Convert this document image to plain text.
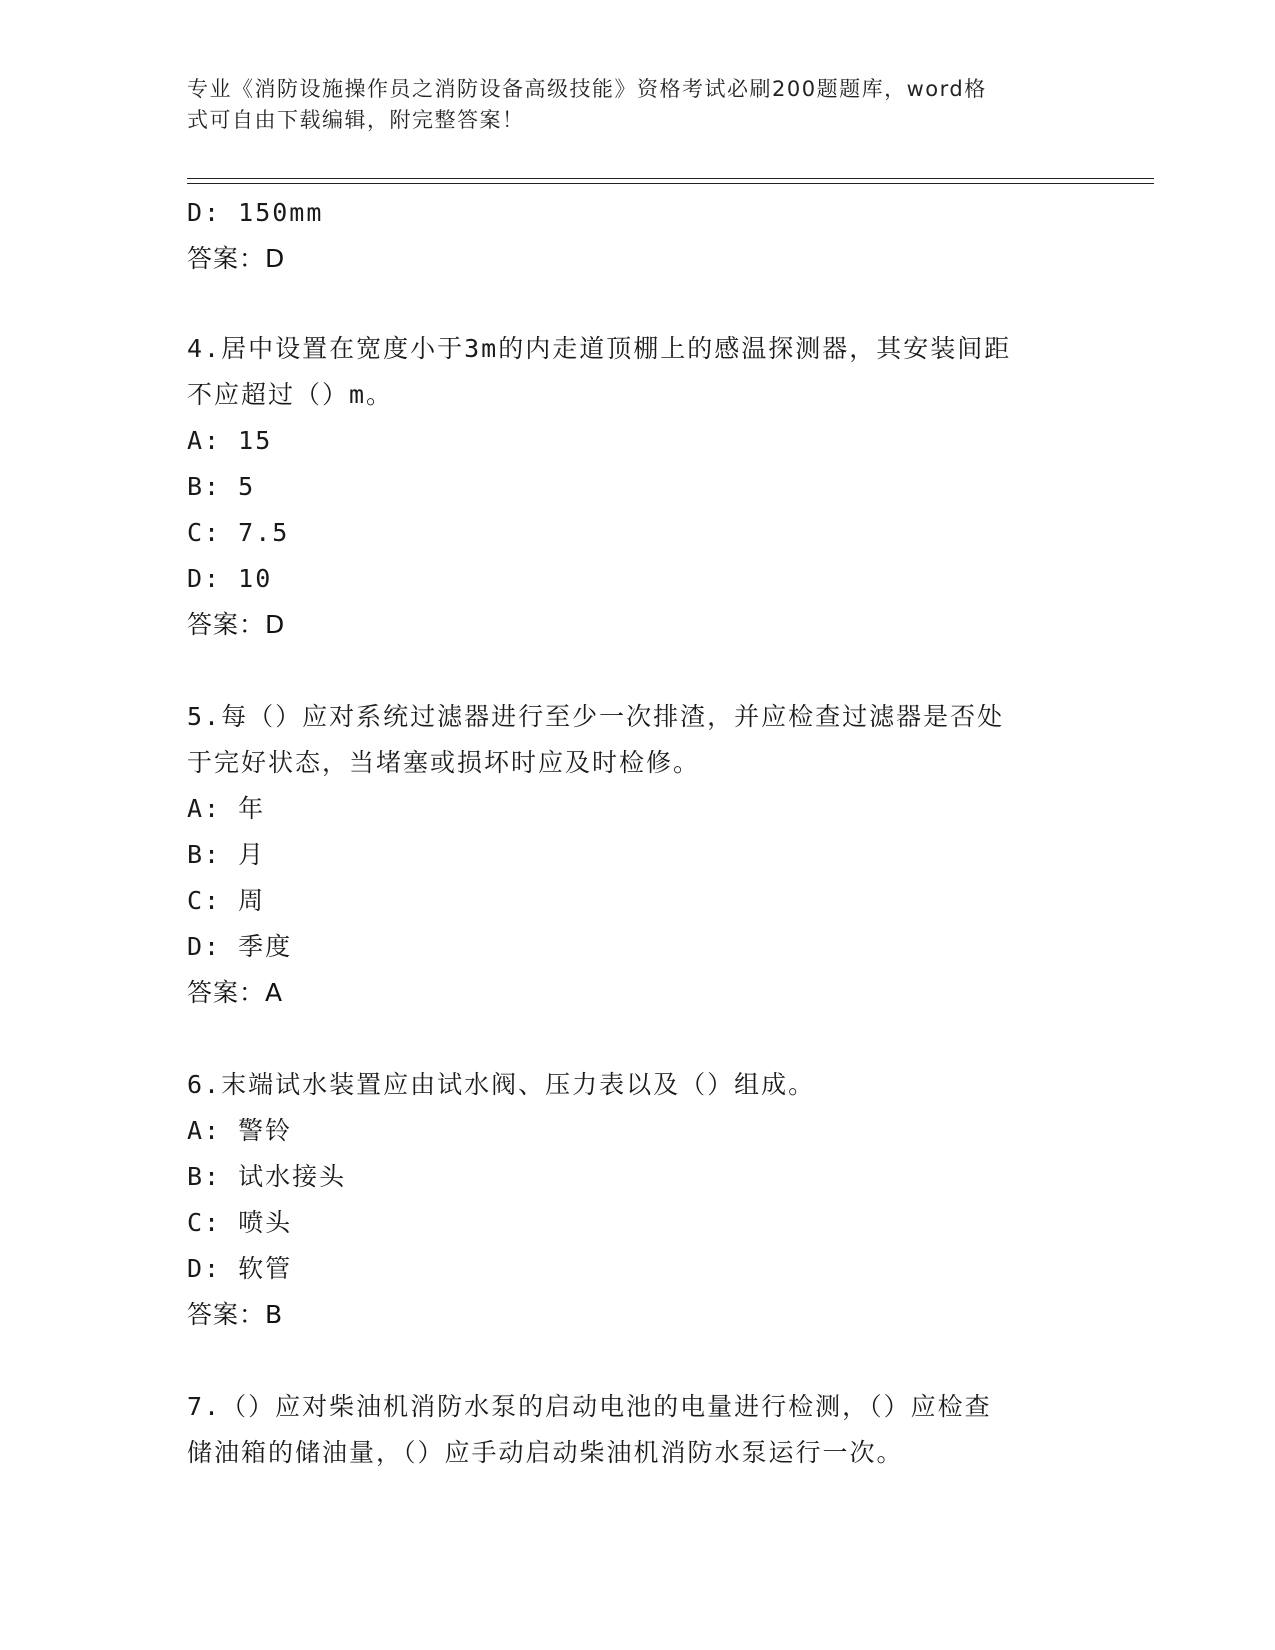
专业《消防设施操作员之消防设备高级技能》资格考试必刷200题题库，word格
式可自由下载编辑，附完整答案！
D: 150mm
答案：D
4.居中设置在宽度小于3m的内走道顶棚上的感温探测器，其安装间距
不应超过（）m。
A: 15
B: 5
C: 7.5
D: 10
答案：D
5.每（）应对系统过滤器进行至少一次排渣，并应检查过滤器是否处
于完好状态，当堵塞或损坏时应及时检修。
A: 年
B: 月
C: 周
D: 季度
答案：A
6.末端试水装置应由试水阀、压力表以及（）组成。
A: 警铃
B: 试水接头
C: 喷头
D: 软管
答案：B
7.（）应对柴油机消防水泵的启动电池的电量进行检测，（）应检查
储油箱的储油量，（）应手动启动柴油机消防水泵运行一次。
